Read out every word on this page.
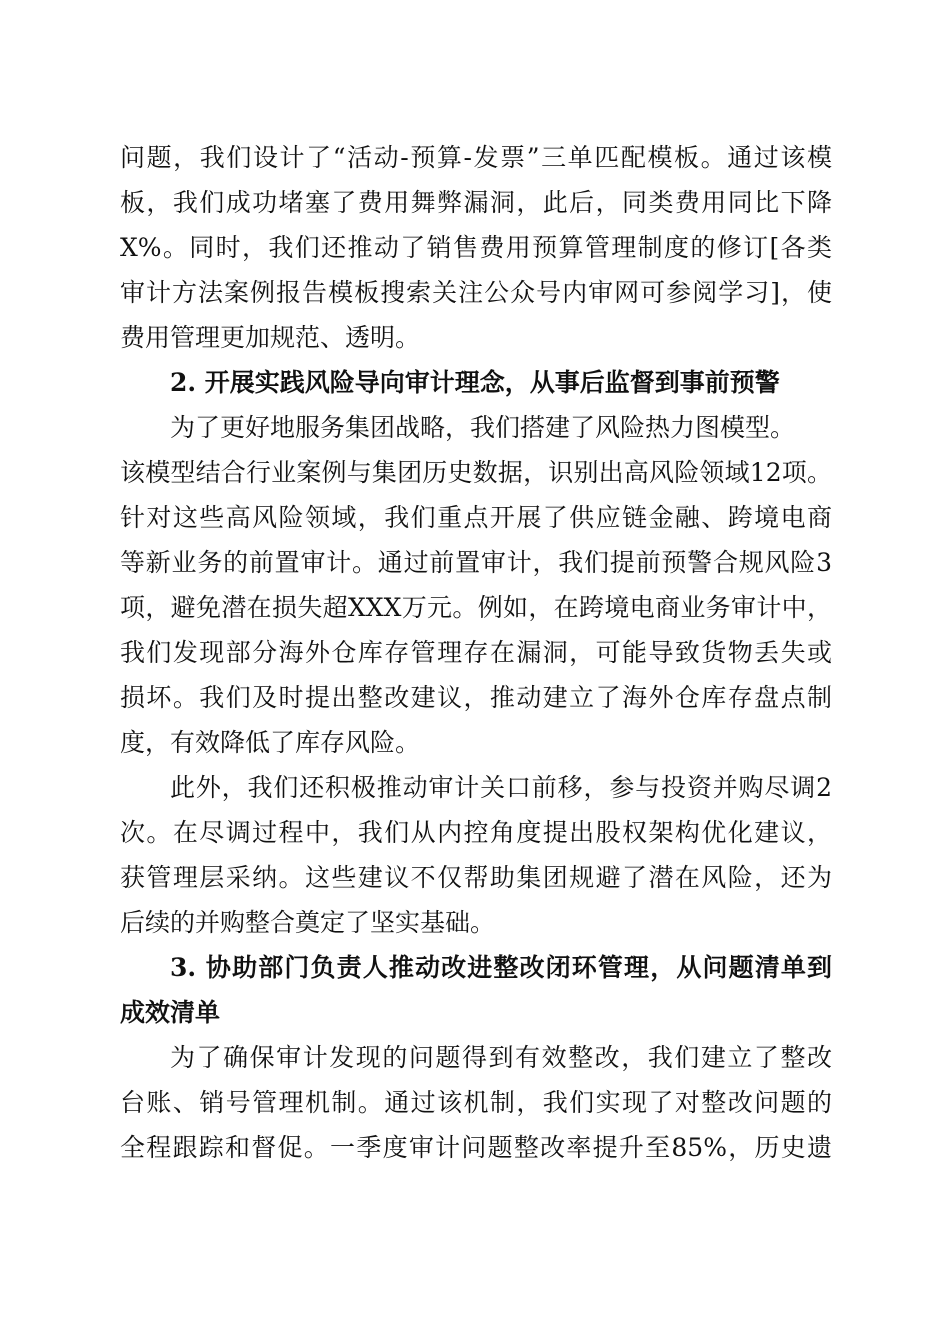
问题，我们设计了“活动-预算-发票”三单匹配模板。通过该模
板，我们成功堵塞了费用舞弊漏洞，此后，同类费用同比下降
X%。同时，我们还推动了销售费用预算管理制度的修订[各类
审计方法案例报告模板搜索关注公众号内审网可参阅学习]，使
费用管理更加规范、透明。
2. 开展实践风险导向审计理念，从事后监督到事前预警
为了更好地服务集团战略，我们搭建了风险热力图模型。
该模型结合行业案例与集团历史数据，识别出高风险领域12项。
针对这些高风险领域，我们重点开展了供应链金融、跨境电商
等新业务的前置审计。通过前置审计，我们提前预警合规风险3
项，避免潜在损失超XXX万元。例如，在跨境电商业务审计中，
我们发现部分海外仓库存管理存在漏洞，可能导致货物丢失或
损坏。我们及时提出整改建议，推动建立了海外仓库存盘点制
度，有效降低了库存风险。
此外，我们还积极推动审计关口前移，参与投资并购尽调2
次。在尽调过程中，我们从内控角度提出股权架构优化建议，
获管理层采纳。这些建议不仅帮助集团规避了潜在风险，还为
后续的并购整合奠定了坚实基础。
3. 协助部门负责人推动改进整改闭环管理，从问题清单到
成效清单
为了确保审计发现的问题得到有效整改，我们建立了整改
台账、销号管理机制。通过该机制，我们实现了对整改问题的
全程跟踪和督促。一季度审计问题整改率提升至85%，历史遗
